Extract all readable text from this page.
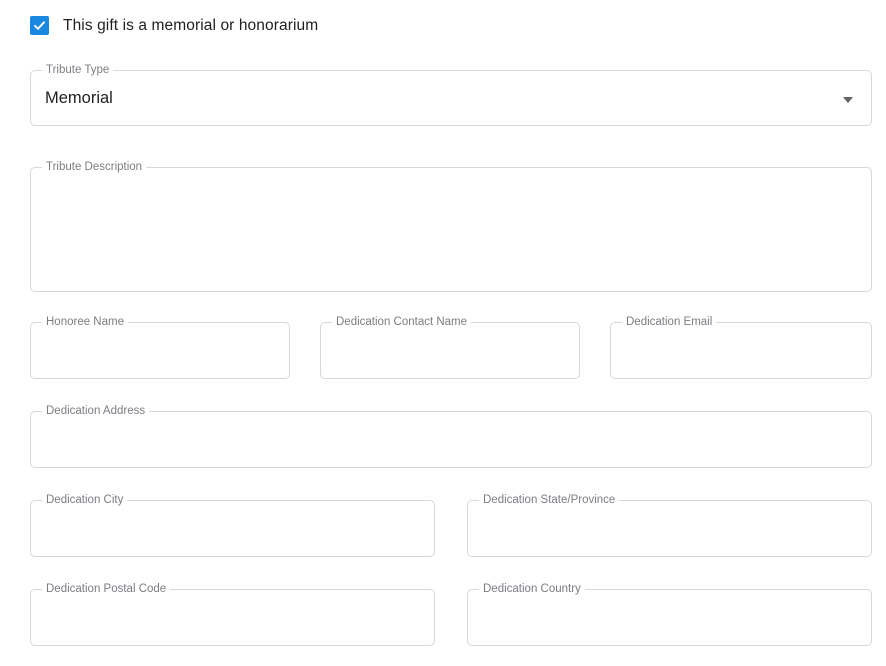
This gift is a memorial or honorarium
Tribute Type
Memorial
Tribute Description
Honoree Name	Dedication Contact Name	Dedication Email
Dedication Address
Dedication City	Dedication State/Province
Dedication Postal Code	Dedication Country
